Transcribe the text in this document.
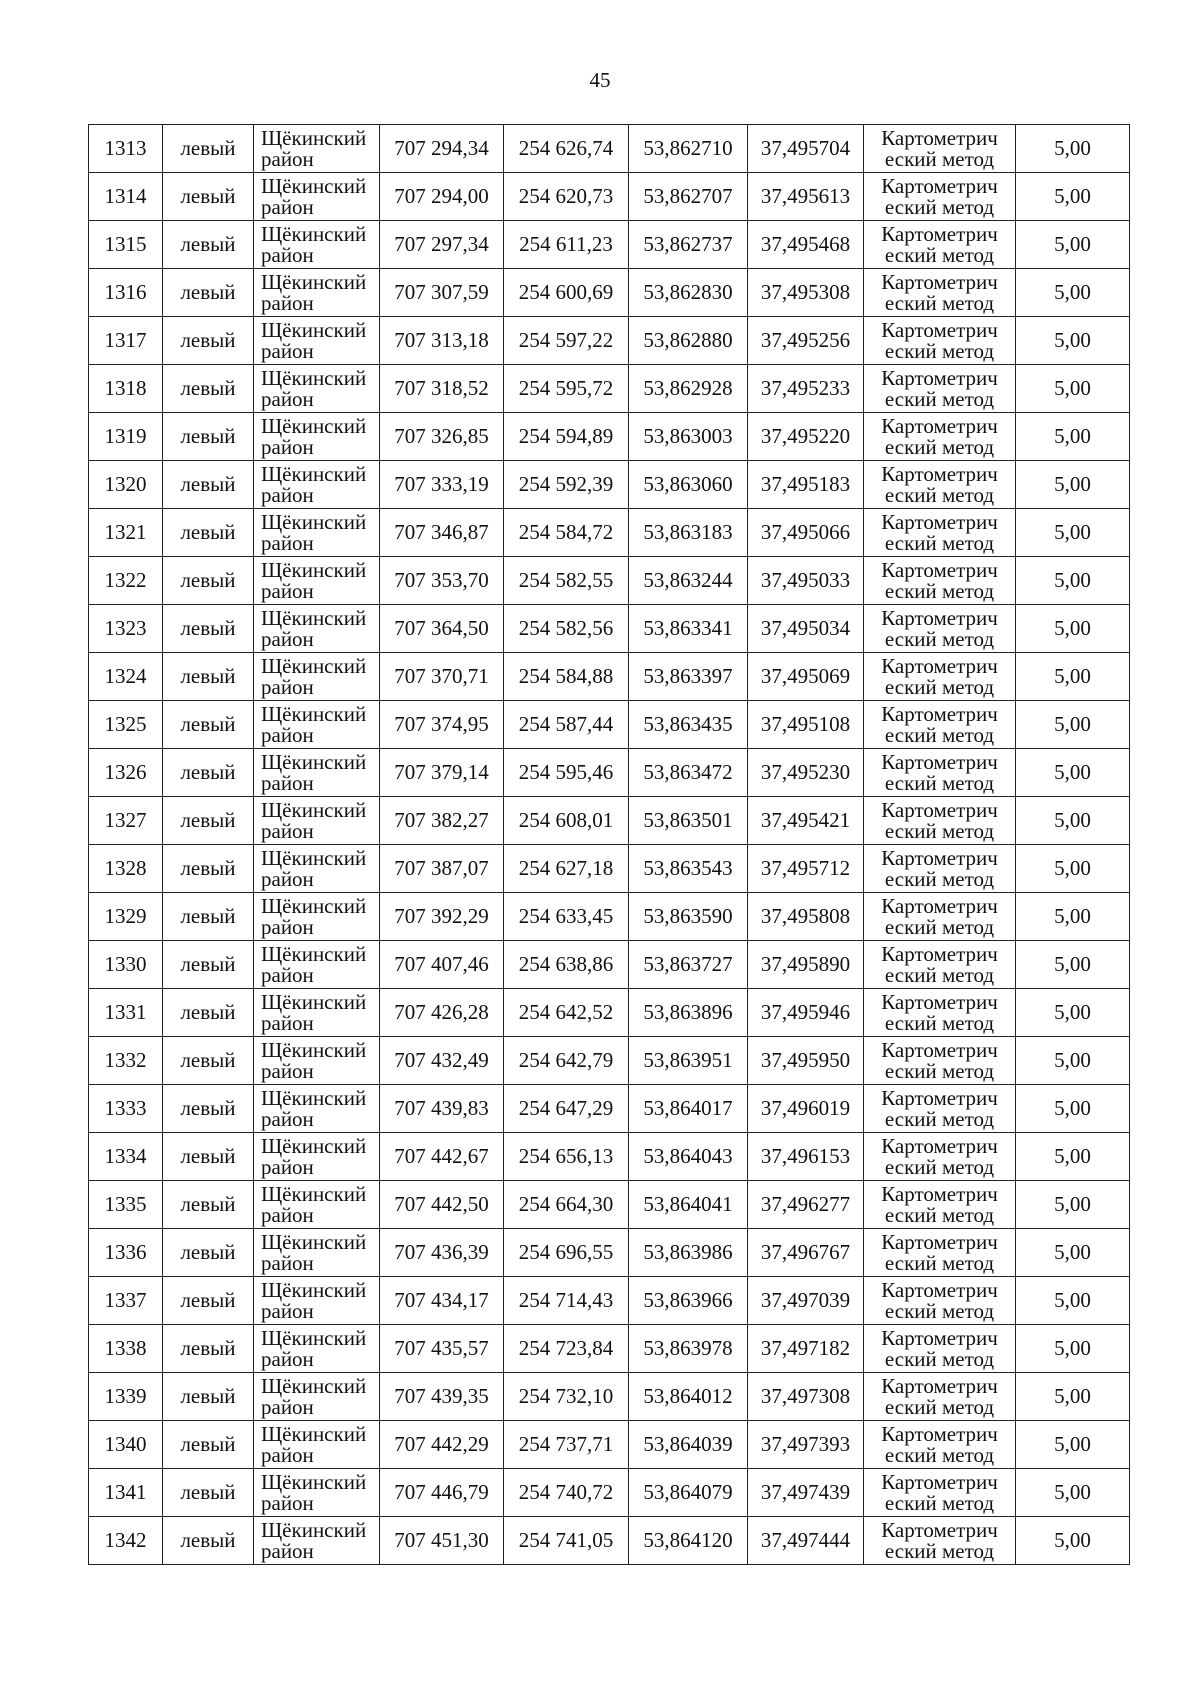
45
1313	левый	Щёкинский район	707 294,34	254 626,74	53,862710	37,495704	Картометрич еский метод	5,00
1314	левый	Щёкинский район	707 294,00	254 620,73	53,862707	37,495613	Картометрич еский метод	5,00
1315	левый	Щёкинский район	707 297,34	254 611,23	53,862737	37,495468	Картометрич еский метод	5,00
1316	левый	Щёкинский район	707 307,59	254 600,69	53,862830	37,495308	Картометрич еский метод	5,00
1317	левый	Щёкинский район	707 313,18	254 597,22	53,862880	37,495256	Картометрич еский метод	5,00
1318	левый	Щёкинский район	707 318,52	254 595,72	53,862928	37,495233	Картометрич еский метод	5,00
1319	левый	Щёкинский район	707 326,85	254 594,89	53,863003	37,495220	Картометрич еский метод	5,00
1320	левый	Щёкинский район	707 333,19	254 592,39	53,863060	37,495183	Картометрич еский метод	5,00
1321	левый	Щёкинский район	707 346,87	254 584,72	53,863183	37,495066	Картометрич еский метод	5,00
1322	левый	Щёкинский район	707 353,70	254 582,55	53,863244	37,495033	Картометрич еский метод	5,00
1323	левый	Щёкинский район	707 364,50	254 582,56	53,863341	37,495034	Картометрич еский метод	5,00
1324	левый	Щёкинский район	707 370,71	254 584,88	53,863397	37,495069	Картометрич еский метод	5,00
1325	левый	Щёкинский район	707 374,95	254 587,44	53,863435	37,495108	Картометрич еский метод	5,00
1326	левый	Щёкинский район	707 379,14	254 595,46	53,863472	37,495230	Картометрич еский метод	5,00
1327	левый	Щёкинский район	707 382,27	254 608,01	53,863501	37,495421	Картометрич еский метод	5,00
1328	левый	Щёкинский район	707 387,07	254 627,18	53,863543	37,495712	Картометрич еский метод	5,00
1329	левый	Щёкинский район	707 392,29	254 633,45	53,863590	37,495808	Картометрич еский метод	5,00
1330	левый	Щёкинский район	707 407,46	254 638,86	53,863727	37,495890	Картометрич еский метод	5,00
1331	левый	Щёкинский район	707 426,28	254 642,52	53,863896	37,495946	Картометрич еский метод	5,00
1332	левый	Щёкинский район	707 432,49	254 642,79	53,863951	37,495950	Картометрич еский метод	5,00
1333	левый	Щёкинский район	707 439,83	254 647,29	53,864017	37,496019	Картометрич еский метод	5,00
1334	левый	Щёкинский район	707 442,67	254 656,13	53,864043	37,496153	Картометрич еский метод	5,00
1335	левый	Щёкинский район	707 442,50	254 664,30	53,864041	37,496277	Картометрич еский метод	5,00
1336	левый	Щёкинский район	707 436,39	254 696,55	53,863986	37,496767	Картометрич еский метод	5,00
1337	левый	Щёкинский район	707 434,17	254 714,43	53,863966	37,497039	Картометрич еский метод	5,00
1338	левый	Щёкинский район	707 435,57	254 723,84	53,863978	37,497182	Картометрич еский метод	5,00
1339	левый	Щёкинский район	707 439,35	254 732,10	53,864012	37,497308	Картометрич еский метод	5,00
1340	левый	Щёкинский район	707 442,29	254 737,71	53,864039	37,497393	Картометрич еский метод	5,00
1341	левый	Щёкинский район	707 446,79	254 740,72	53,864079	37,497439	Картометрич еский метод	5,00
1342	левый	Щёкинский район	707 451,30	254 741,05	53,864120	37,497444	Картометрич еский метод	5,00
